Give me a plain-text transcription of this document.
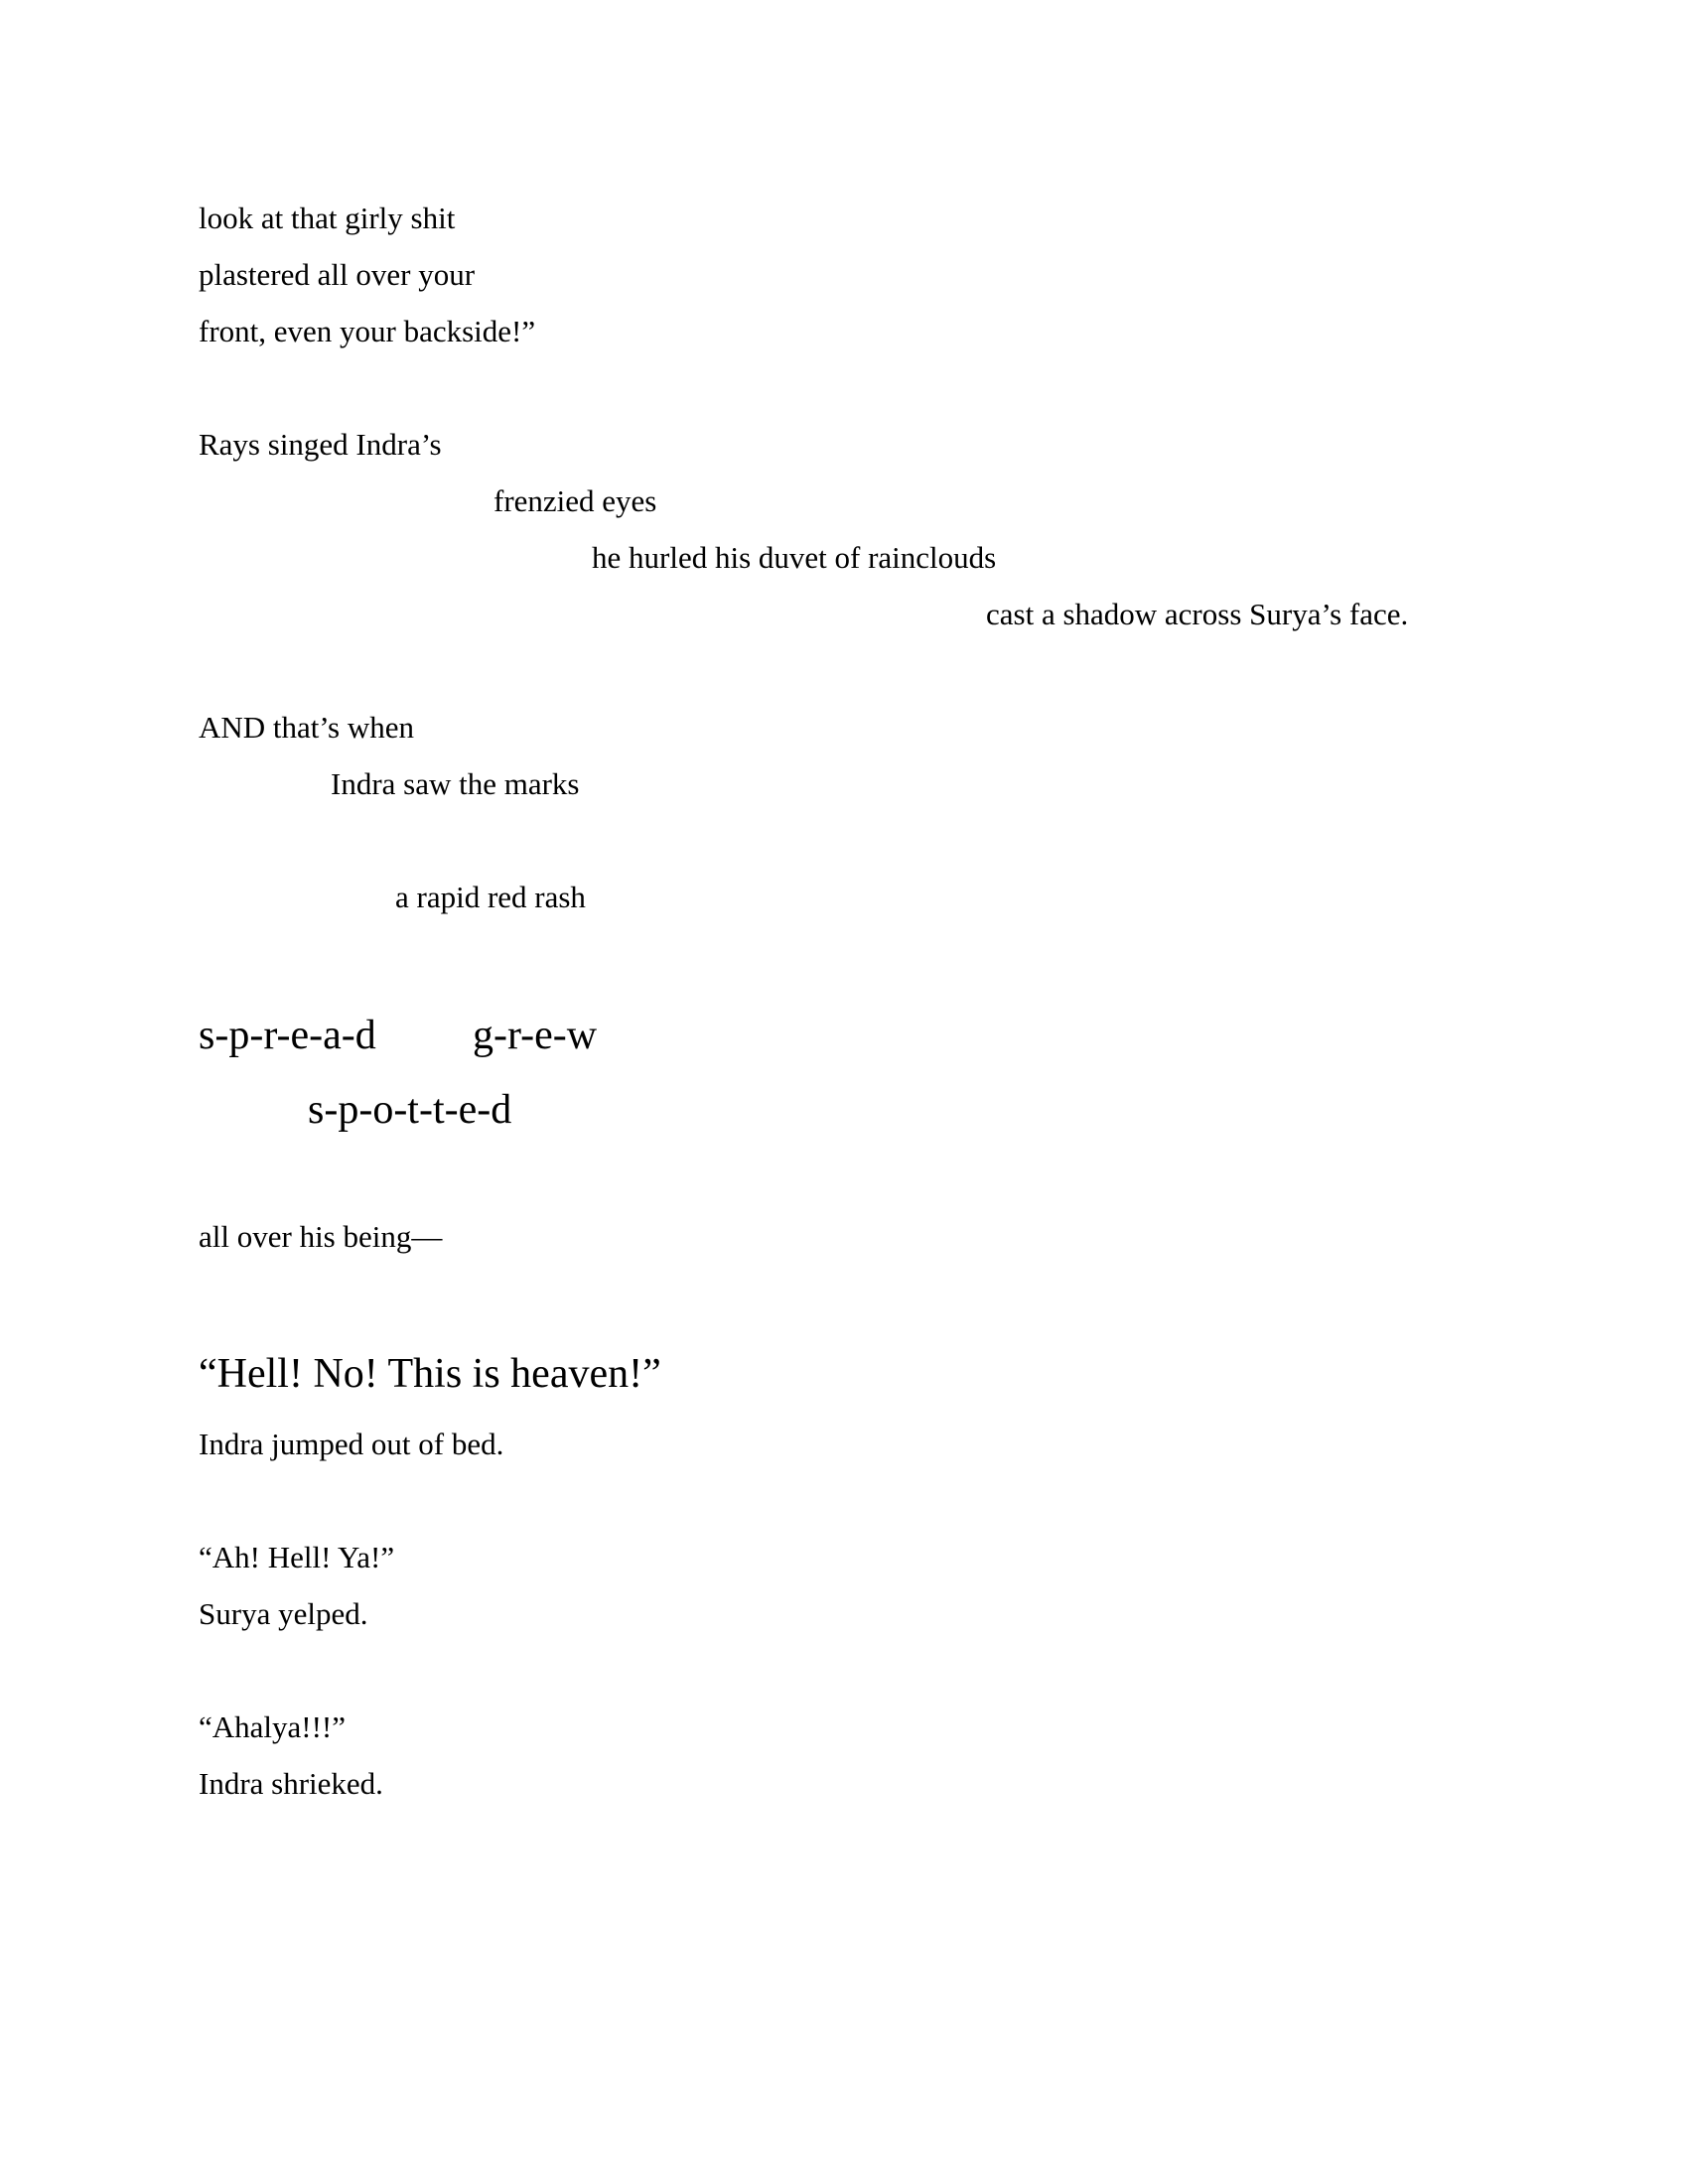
look at that girly shit
plastered all over your
front, even your backside!”
Rays singed Indra’s
frenzied eyes
he hurled his duvet of rainclouds
cast a shadow across Surya’s face.
AND that’s when
Indra saw the marks
a rapid red rash
s-p-r-e-a-d g-r-e-w
s-p-o-t-t-e-d
all over his being—
“Hell! No! This is heaven!”
Indra jumped out of bed.
“Ah! Hell! Ya!”
Surya yelped.
“Ahalya!!!”
Indra shrieked.
